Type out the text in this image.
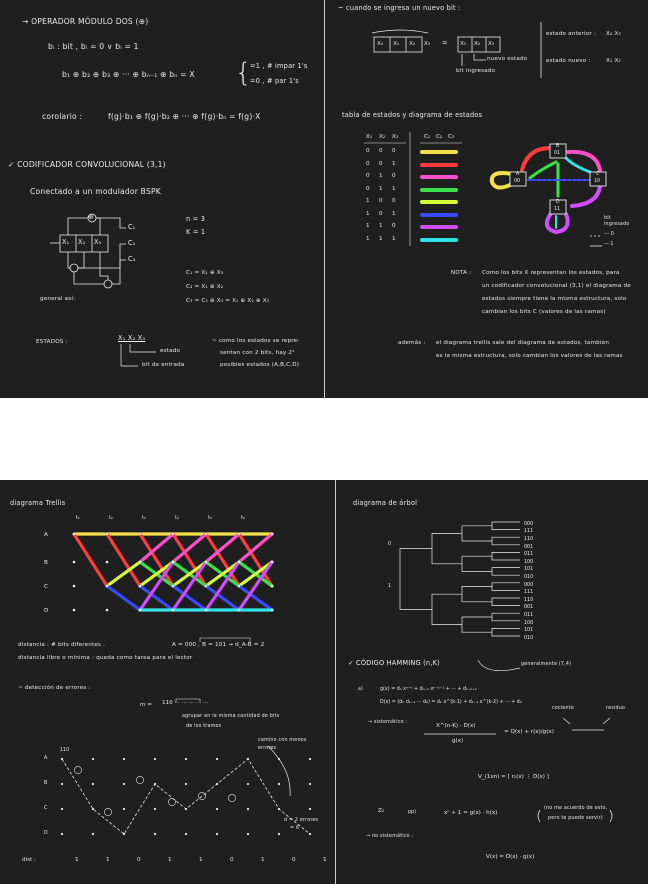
→ OPERADOR MÓDULO DOS (⊕)
bᵢ : bit , bᵢ = 0 ∨ bᵢ = 1
b₁ ⊕ b₂ ⊕ b₃ ⊕ ··· ⊕ bₙ₋₁ ⊕ bₙ = X {
=1 , # impar 1's
=0 , # par 1's
corolario :	f(g)·b₁ ⊕ f(g)·b₂ ⊕ ··· ⊕ f(g)·bₙ = f(g)·X
✓ CODIFICADOR CONVOLUCIONAL (3,1)
Conectado a un modulador BSPK
n = 3
K = 1
⊕
X₁ X₂ X₃
C₁
C₂
C₃
general así:
C₁ = X₁ ⊕ X₃
C₂ = X₁ ⊕ X₂
C₃ = C₂ ⊕ X₃ = X₁ ⊕ X₂ ⊕ X₃
ESTADOS :	X₁ X₂ X₃
estado
bit de entrada
~ como los estados se repre-
sentan con 2 bits, hay 2²
posibles estados (A,B,C,D)
~ cuando se ingresa un nuevo bit :
X₄ X₁ X₂ X₃ = X₁ X₂ X₃
nuevo estado
bit ingresado
estado anterior : X₂ X₃
estado nuevo :	X₁ X₂
tabla de estados y diagrama de estados
X₁ X₂ X₃	C₁ C₂ C₃
0 0 0
0 0 1
0 1 0
0 1 1
1 0 0
1 0 1
1 1 0
1 1 1
A
00
B
01
C
10
D
11
bit ingresado
--- 0
— 1
NOTA : Como los bits X representan los estados, para
un codificador convolucional (3,1) el diagrama de
estados siempre tiene la misma estructura, solo
cambian los bits C (valores de las ramas)
además : el diagrama trellis sale del diagrama de estados, también
es la misma estructura, solo cambian los valores de las ramas
diagrama Trellis
t₁	t₂	t₃	t₄	t₅	t₆
A
B
C
D
distancia : # bits diferentes .	A = 000 , B = 101 → d_A-B = 2
distancia libre o mínima : queda como tarea para el lector
~ detección de errores :
m = 110 ··· ··· ··· ··· ···
agrupar en la misma cantidad de bits
de los tramos
A
B
C
D
110
camino con menos
errores
d = 2 errores
= 6
dist :	1	1	0	1	1	0	1	0	1
diagrama de árbol
0
1
000
111
110
001
011
100
101
010
000
111
110
001
011
100
101
010
✓ CÓDIGO HAMMING (n,K)	generalmente (7,4)
a)	g(x) = dₙ xⁿ⁻ᵏ + dₙ₋₁ xⁿ⁻ᵏ⁻¹ + ··· + dₙ₋ₖ₊₁
D(x) = (dₖ dₖ₋₁ ··· d₀) = dₖ x^(k-1) + dₖ₋₁ x^(k-2) + ··· + d₀
→ sistemático :
cociente	residuo
X^(n-K) · D(x)
g(x)
= Q(x) + r(x)/g(x)
V_(1xn) = [ r₁(x) ⋮ D(x) ]
Z₂	pp)	xⁿ + 1 = g(x) · h(x)
(no me acuerdo de esto,
pero te puede servir)
→ no sistemático :
V(x) = D(x) · g(x)
